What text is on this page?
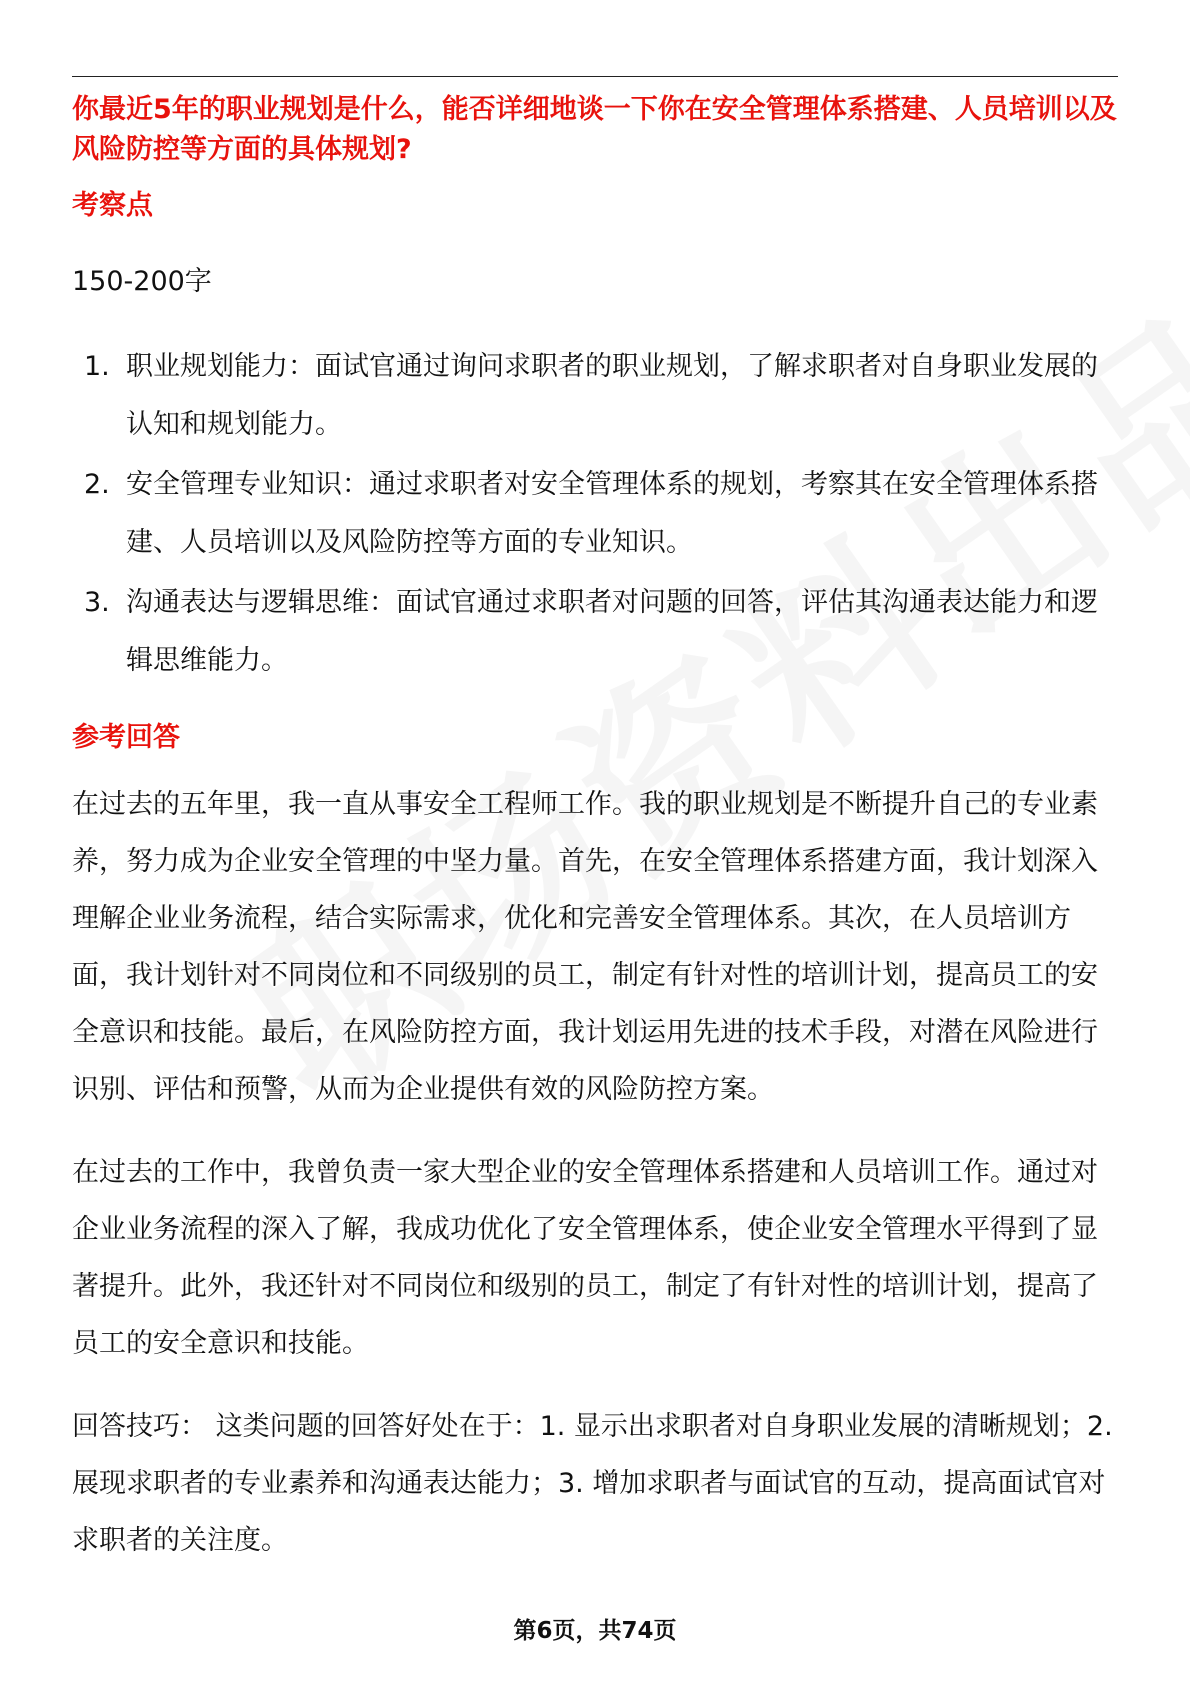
你最近5年的职业规划是什么，能否详细地谈一下你在安全管理体系搭建、人员培训以及风险防控等方面的具体规划?

考察点

150-200字
1. 职业规划能力：面试官通过询问求职者的职业规划，了解求职者对自身职业发展的认知和规划能力。
2. 安全管理专业知识：通过求职者对安全管理体系的规划，考察其在安全管理体系搭建、人员培训以及风险防控等方面的专业知识。
3. 沟通表达与逻辑思维：面试官通过求职者对问题的回答，评估其沟通表达能力和逻辑思维能力。

参考回答

在过去的五年里，我一直从事安全工程师工作。我的职业规划是不断提升自己的专业素养，努力成为企业安全管理的中坚力量。首先，在安全管理体系搭建方面，我计划深入理解企业业务流程，结合实际需求，优化和完善安全管理体系。其次，在人员培训方面，我计划针对不同岗位和不同级别的员工，制定有针对性的培训计划，提高员工的安全意识和技能。最后，在风险防控方面，我计划运用先进的技术手段，对潜在风险进行识别、评估和预警，从而为企业提供有效的风险防控方案。

在过去的工作中，我曾负责一家大型企业的安全管理体系搭建和人员培训工作。通过对企业业务流程的深入了解，我成功优化了安全管理体系，使企业安全管理水平得到了显著提升。此外，我还针对不同岗位和级别的员工，制定了有针对性的培训计划，提高了员工的安全意识和技能。

回答技巧： 这类问题的回答好处在于：1. 显示出求职者对自身职业发展的清晰规划；2. 展现求职者的专业素养和沟通表达能力；3. 增加求职者与面试官的互动，提高面试官对求职者的关注度。

第6页，共74页
